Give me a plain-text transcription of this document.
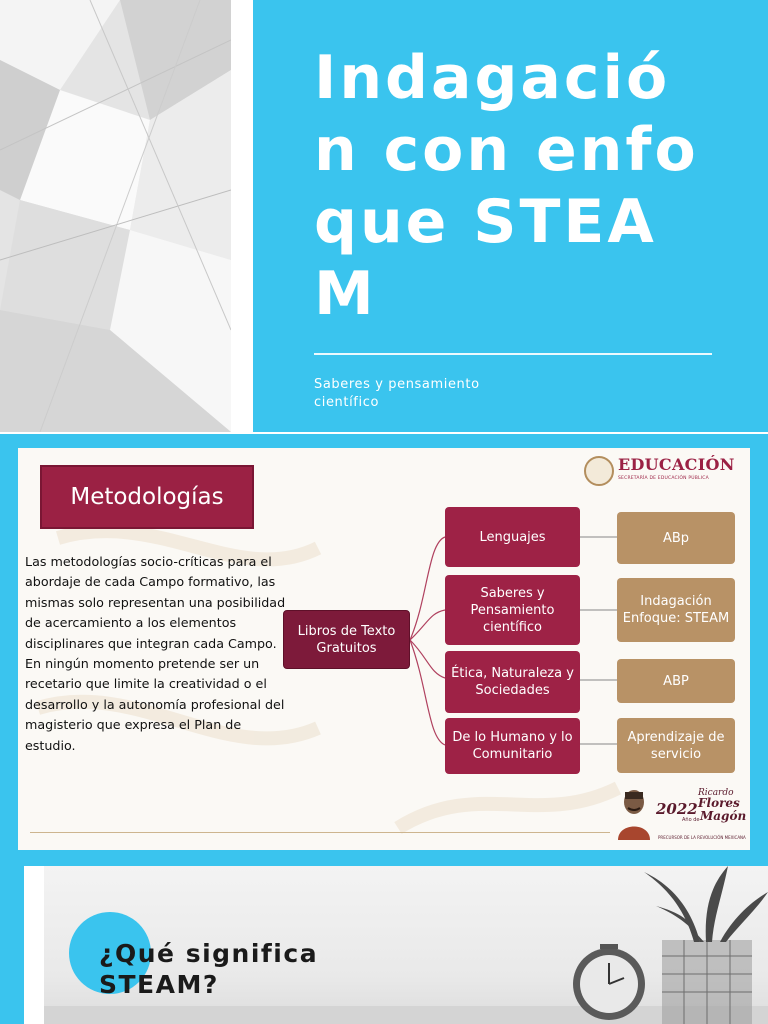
Indagación con enfoque STEAM
Saberes y pensamiento científico
Metodologías

Las metodologías socio-críticas para el abordaje de cada Campo formativo, las mismas solo representan una posibilidad de acercamiento a los elementos disciplinares que integran cada Campo.

En ningún momento pretende ser un recetario que limite la creatividad o el desarrollo y la autonomía profesional del magisterio que expresa el Plan de estudio.

EDUCACIÓN
SECRETARÍA DE EDUCACIÓN PÚBLICA
Libros de Texto Gratuitos
Lenguajes
Saberes y Pensamiento científico
Ética, Naturaleza y Sociedades
De lo Humano y lo Comunitario
ABp
Indagación Enfoque: STEAM
ABP
Aprendizaje de servicio
2022
Ricardo
Flores
Año de Magón
PRECURSOR DE LA REVOLUCIÓN MEXICANA
¿Qué significa STEAM?
